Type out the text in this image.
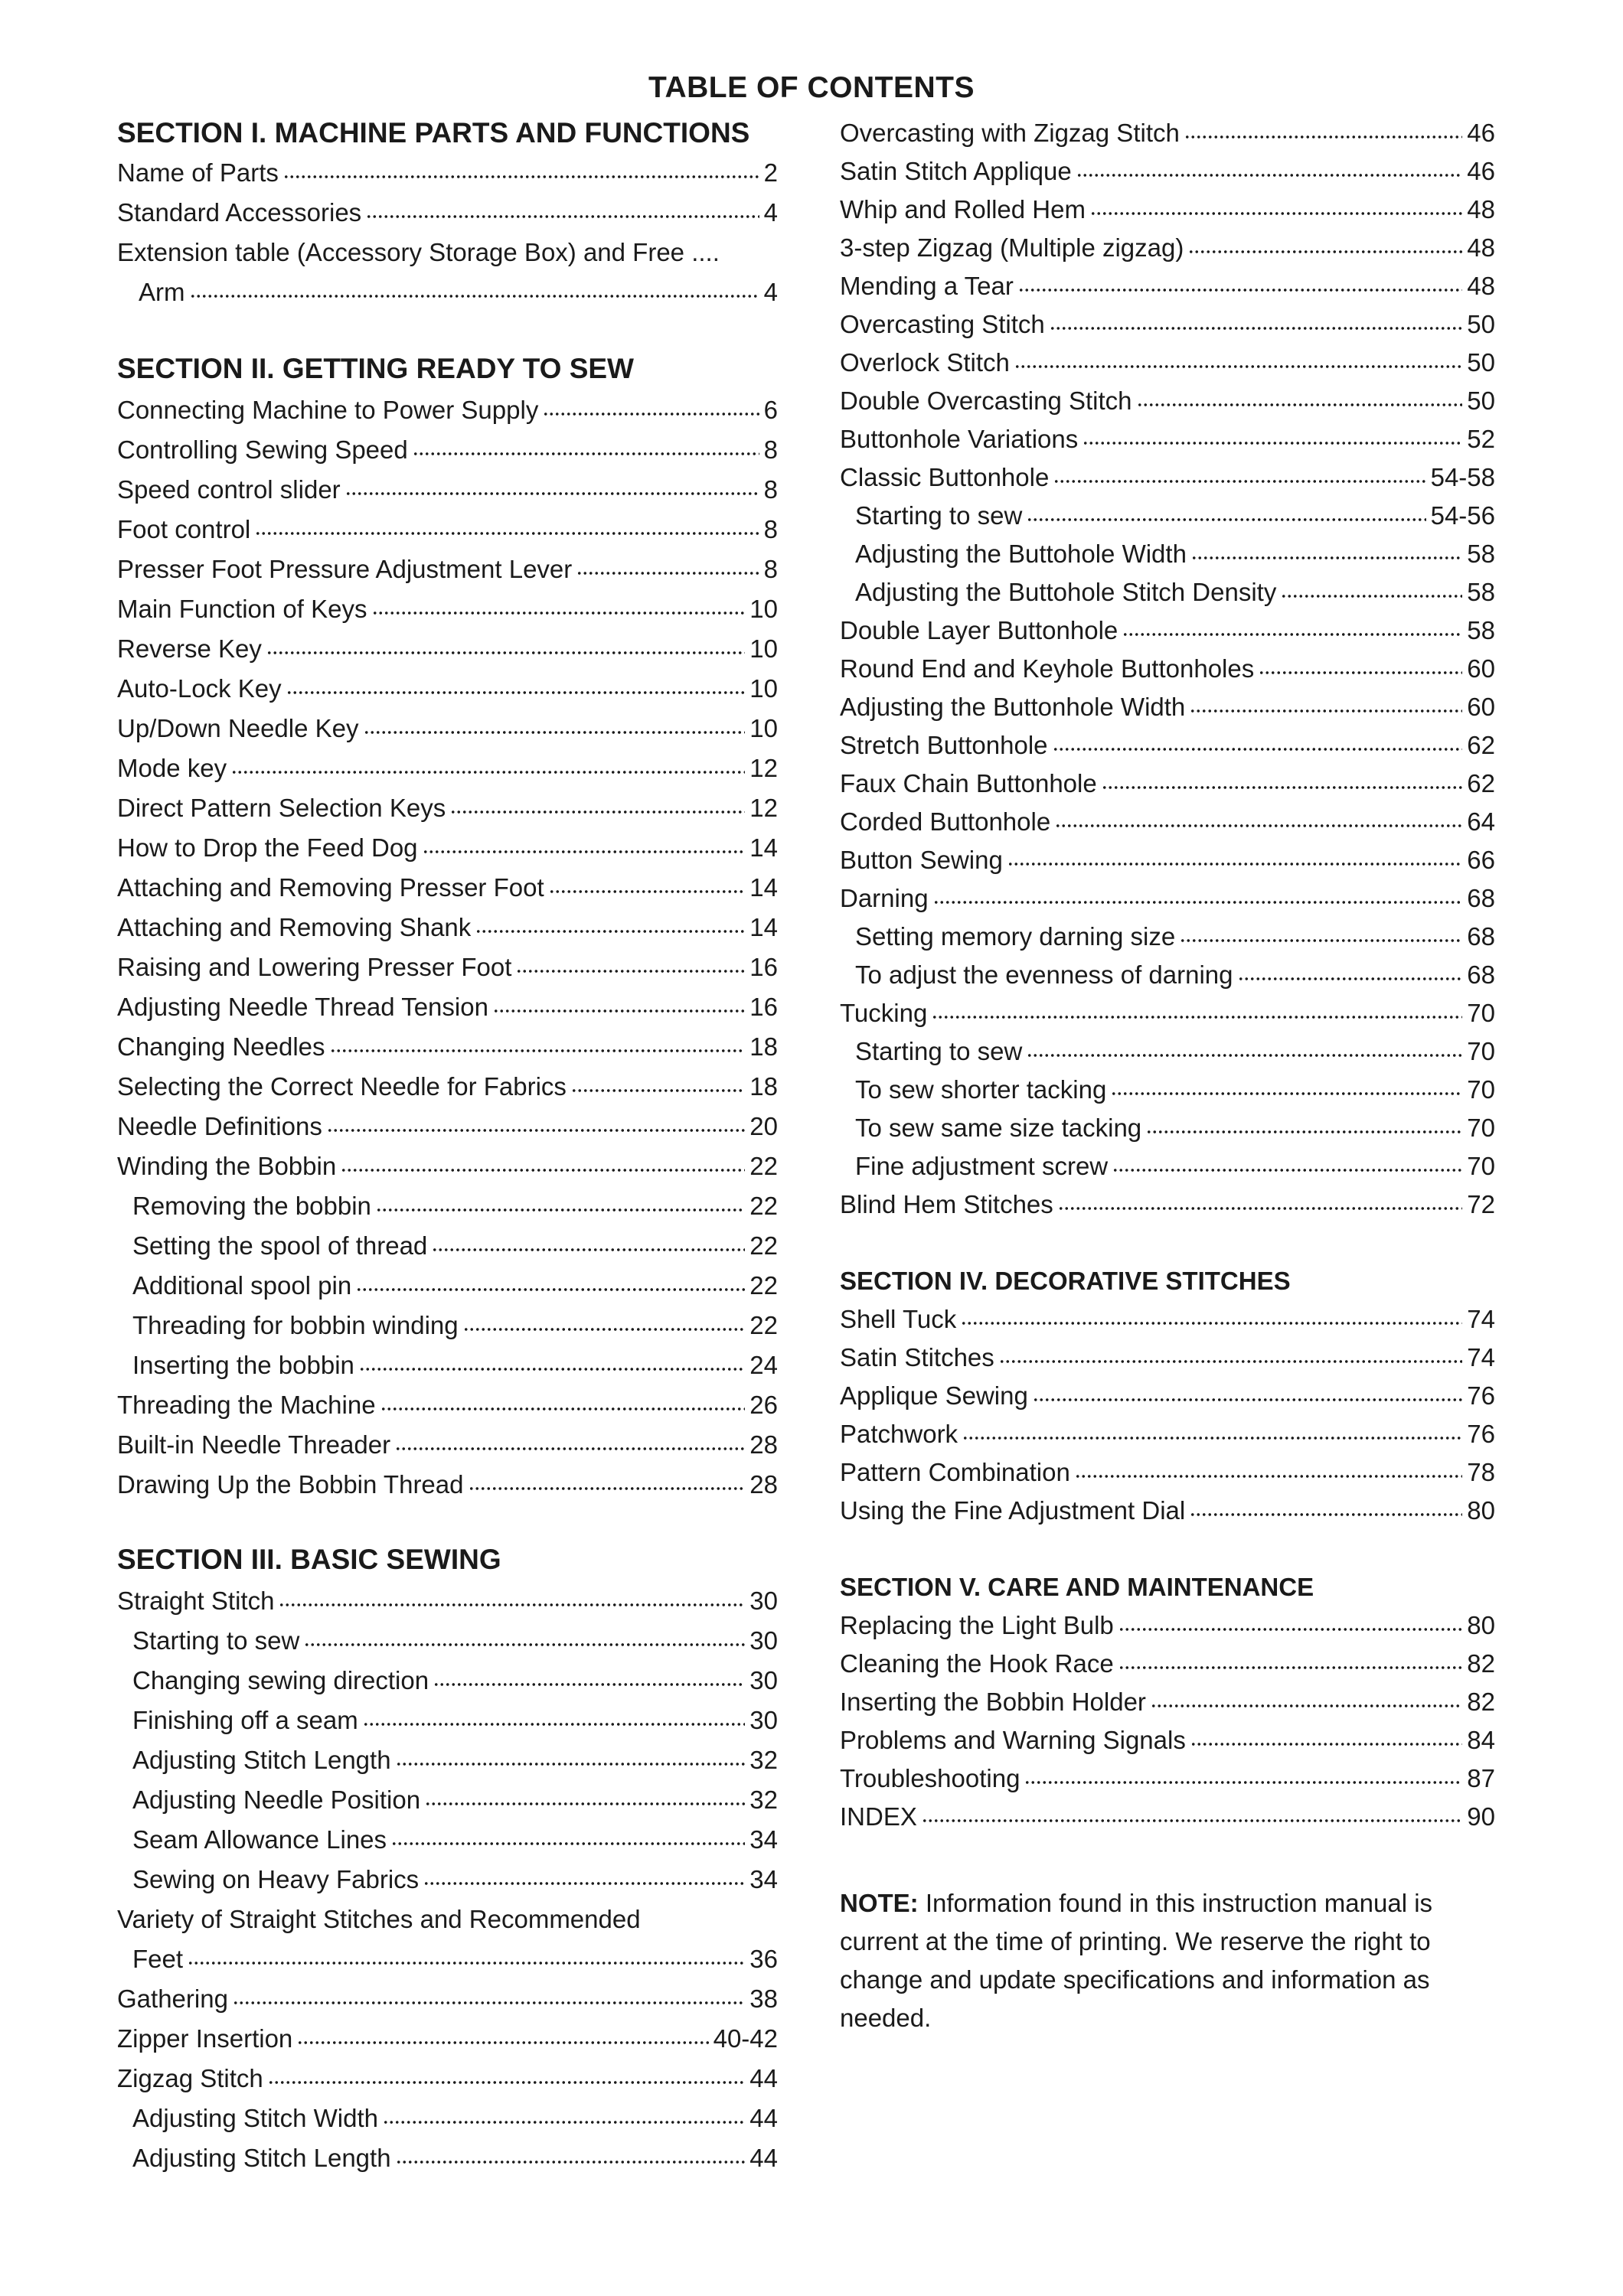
TABLE OF CONTENTS
SECTION I. MACHINE PARTS AND FUNCTIONS
Name of Parts	2
Standard Accessories	4
Extension table (Accessory Storage Box) and Free ....
Arm	4
SECTION II. GETTING READY TO SEW
Connecting Machine to Power Supply	6
Controlling Sewing Speed	8
Speed control slider	8
Foot control	8
Presser Foot Pressure Adjustment Lever	8
Main Function of Keys	10
Reverse Key	10
Auto-Lock Key	10
Up/Down Needle Key	10
Mode key	12
Direct Pattern Selection Keys	12
How to Drop the Feed Dog	14
Attaching and Removing Presser Foot	14
Attaching and Removing Shank	14
Raising and Lowering Presser Foot	16
Adjusting Needle Thread Tension	16
Changing Needles	18
Selecting the Correct Needle for Fabrics	18
Needle Definitions	20
Winding the Bobbin	22
Removing the bobbin	22
Setting the spool of thread	22
Additional spool pin	22
Threading for bobbin winding	22
Inserting the bobbin	24
Threading the Machine	26
Built-in Needle Threader	28
Drawing Up the Bobbin Thread	28
SECTION III. BASIC SEWING
Straight Stitch	30
Starting to sew	30
Changing sewing direction	30
Finishing off a seam	30
Adjusting Stitch Length	32
Adjusting Needle Position	32
Seam Allowance Lines	34
Sewing on Heavy Fabrics	34
Variety of Straight Stitches and Recommended
Feet	36
Gathering	38
Zipper Insertion	40-42
Zigzag Stitch	44
Adjusting Stitch Width	44
Adjusting Stitch Length	44
Overcasting with Zigzag Stitch	46
Satin Stitch Applique	46
Whip and Rolled Hem	48
3-step Zigzag (Multiple zigzag)	48
Mending a Tear	48
Overcasting Stitch	50
Overlock Stitch	50
Double Overcasting Stitch	50
Buttonhole Variations	52
Classic Buttonhole	54-58
Starting to sew	54-56
Adjusting the Buttohole Width	58
Adjusting the Buttohole Stitch Density	58
Double Layer Buttonhole	58
Round End and Keyhole Buttonholes	60
Adjusting the Buttonhole Width	60
Stretch Buttonhole	62
Faux Chain Buttonhole	62
Corded Buttonhole	64
Button Sewing	66
Darning	68
Setting memory darning size	68
To adjust the evenness of darning	68
Tucking	70
Starting to sew	70
To sew shorter tacking	70
To sew same size tacking	70
Fine adjustment screw	70
Blind Hem Stitches	72
SECTION IV. DECORATIVE STITCHES
Shell Tuck	74
Satin Stitches	74
Applique Sewing	76
Patchwork	76
Pattern Combination	78
Using the Fine Adjustment Dial	80
SECTION V. CARE AND MAINTENANCE
Replacing the Light Bulb	80
Cleaning the Hook Race	82
Inserting the Bobbin Holder	82
Problems and Warning Signals	84
Troubleshooting	87
INDEX	90
NOTE: Information found in this instruction manual is current at the time of printing. We reserve the right to change and update specifications and information as needed.
